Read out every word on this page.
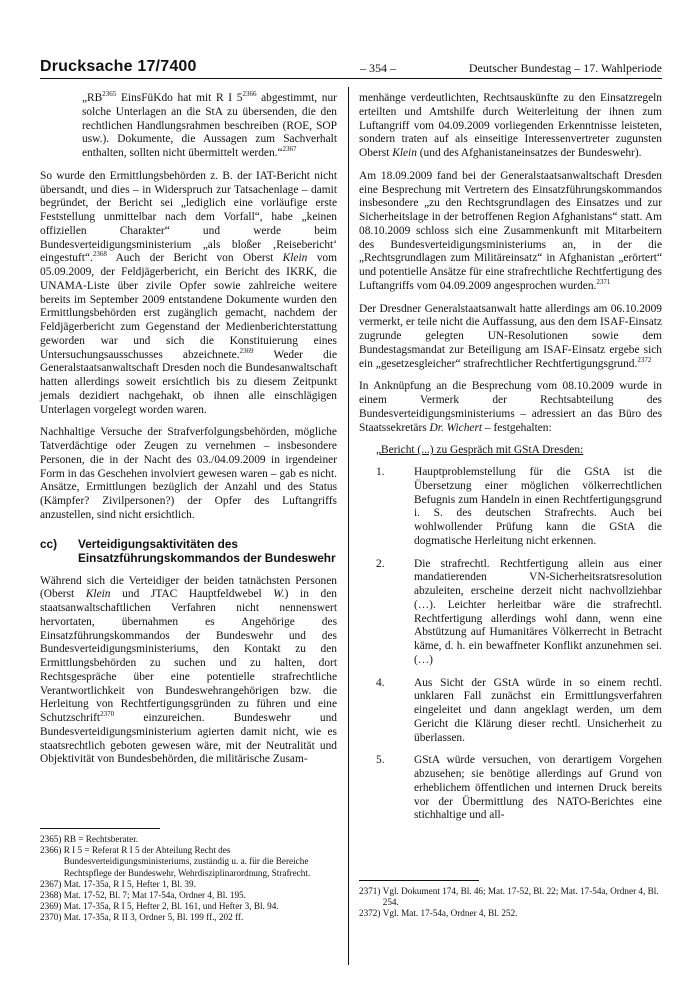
Drucksache 17/7400	– 354 –	Deutscher Bundestag – 17. Wahlperiode

$„RB^{2365}$ EinsFüKdo hat mit R I $5^{2366}$ abgestimmt, nur solche Unterlagen an die StA zu übersenden, die den rechtlichen Handlungsrahmen beschreiben (ROE, SOP usw.). Dokumente, die Aussagen zum Sachverhalt enthalten, sollten nicht übermittelt werden.“$^{2367}$

So wurde den Ermittlungsbehörden z. B. der IAT-Bericht nicht übersandt, und dies – in Widerspruch zur Tatsachenlage – damit begründet, der Bericht sei „lediglich eine vorläufige erste Feststellung unmittelbar nach dem Vorfall“, habe „keinen offiziellen Charakter“ und werde beim Bundesverteidigungsministerium „als bloßer ‚Reisebericht‘ eingestuft“.$^{2368}$ Auch der Bericht von Oberst Klein vom 05.09.2009, der Feldjägerbericht, ein Bericht des IKRK, die UNAMA-Liste über zivile Opfer sowie zahlreiche weitere bereits im September 2009 entstandene Dokumente wurden den Ermittlungsbehörden erst zugänglich gemacht, nachdem der Feldjägerbericht zum Gegenstand der Medienberichterstattung geworden war und sich die Konstituierung eines Untersuchungsausschusses abzeichnete.$^{2369}$ Weder die Generalstaatsanwaltschaft Dresden noch die Bundesanwaltschaft hatten allerdings soweit ersichtlich bis zu diesem Zeitpunkt jemals dezidiert nachgehakt, ob ihnen alle einschlägigen Unterlagen vorgelegt worden waren.

Nachhaltige Versuche der Strafverfolgungsbehörden, mögliche Tatverdächtige oder Zeugen zu vernehmen – insbesondere Personen, die in der Nacht des 03./04.09.2009 in irgendeiner Form in das Geschehen involviert gewesen waren – gab es nicht. Ansätze, Ermittlungen bezüglich der Anzahl und des Status (Kämpfer? Zivilpersonen?) der Opfer des Luftangriffs anzustellen, sind nicht ersichtlich.

cc)	Verteidigungsaktivitäten des Einsatzführungskommandos der Bundeswehr

Während sich die Verteidiger der beiden tatnächsten Personen (Oberst Klein und JTAC Hauptfeldwebel W.) in den staatsanwaltschaftlichen Verfahren nicht nennenswert hervortaten, übernahmen es Angehörige des Einsatzführungskommandos der Bundeswehr und des Bundesverteidigungsministeriums, den Kontakt zu den Ermittlungsbehörden zu suchen und zu halten, dort Rechtsgespräche über eine potentielle strafrechtliche Verantwortlichkeit von Bundeswehrangehörigen bzw. die Herleitung von Rechtfertigungsgründen zu führen und eine Schutzschrift$^{2370}$ einzureichen. Bundeswehr und Bundesverteidigungsministerium agierten damit nicht, wie es staatsrechtlich geboten gewesen wäre, mit der Neutralität und Objektivität von Bundesbehörden, die militärische Zusam-

2365)
RB = Rechtsberater.
2366)
R I 5 = Referat R I 5 der Abteilung Recht des Bundesverteidigungsministeriums, zuständig u. a. für die Bereiche Rechtspflege der Bundeswehr, Wehrdisziplinarordnung, Strafrecht.
2367)
Mat. 17-35a, R I 5, Hefter 1, Bl. 39.
2368)
Mat. 17-52, Bl. 7; Mat 17-54a, Ordner 4, Bl. 195.
2369)
Mat. 17-35a, R I 5, Hefter 2, Bl. 161, und Hefter 3, Bl. 94.
2370)
Mat. 17-35a, R II 3, Ordner 5, Bl. 199 ff., 202 ff.

menhänge verdeutlichten, Rechtsauskünfte zu den Einsatzregeln erteilten und Amtshilfe durch Weiterleitung der ihnen zum Luftangriff vom 04.09.2009 vorliegenden Erkenntnisse leisteten, sondern traten auf als einseitige Interessenvertreter zugunsten Oberst Klein (und des Afghanistaneinsatzes der Bundeswehr).

Am 18.09.2009 fand bei der Generalstaatsanwaltschaft Dresden eine Besprechung mit Vertretern des Einsatzführungskommandos insbesondere „zu den Rechtsgrundlagen des Einsatzes und zur Sicherheitslage in der betroffenen Region Afghanistans“ statt. Am 08.10.2009 schloss sich eine Zusammenkunft mit Mitarbeitern des Bundesverteidigungsministeriums an, in der die „Rechtsgrundlagen zum Militäreinsatz“ in Afghanistan „erörtert“ und potentielle Ansätze für eine strafrechtliche Rechtfertigung des Luftangriffs vom 04.09.2009 angesprochen wurden.$^{2371}$

Der Dresdner Generalstaatsanwalt hatte allerdings am 06.10.2009 vermerkt, er teile nicht die Auffassung, aus den dem ISAF-Einsatz zugrunde gelegten UN-Resolutionen sowie dem Bundestagsmandat zur Beteiligung am ISAF-Einsatz ergebe sich ein „gesetzesgleicher“ strafrechtlicher Rechtfertigungsgrund.$^{2372}$

In Anknüpfung an die Besprechung vom 08.10.2009 wurde in einem Vermerk der Rechtsabteilung des Bundesverteidigungsministeriums – adressiert an das Büro des Staatssekretärs Dr. Wichert – festgehalten:

„Bericht (...) zu Gespräch mit GStA Dresden:

1.	Hauptproblemstellung für die GStA ist die Übersetzung einer möglichen völkerrechtlichen Befugnis zum Handeln in einen Rechtfertigungsgrund i. S. des deutschen Strafrechts. Auch bei wohlwollender Prüfung kann die GStA die dogmatische Herleitung nicht erkennen.
2.	Die strafrechtl. Rechtfertigung allein aus einer mandatierenden VN-Sicherheitsratsresolution abzuleiten, erscheine derzeit nicht nachvollziehbar (…). Leichter herleitbar wäre die strafrechtl. Rechtfertigung allerdings wohl dann, wenn eine Abstützung auf Humanitäres Völkerrecht in Betracht käme, d. h. ein bewaffneter Konflikt anzunehmen sei. (…)
4.	Aus Sicht der GStA würde in so einem rechtl. unklaren Fall zunächst ein Ermittlungsverfahren eingeleitet und dann angeklagt werden, um dem Gericht die Klärung dieser rechtl. Unsicherheit zu überlassen.
5.	GStA würde versuchen, von derartigem Vorgehen abzusehen; sie benötige allerdings auf Grund von erheblichem öffentlichen und internen Druck bereits vor der Übermittlung des NATO-Berichtes eine stichhaltige und all-
2371)
Vgl. Dokument 174, Bl. 46; Mat. 17-52, Bl. 22; Mat. 17-54a, Ordner 4, Bl. 254.
2372)
Vgl. Mat. 17-54a, Ordner 4, Bl. 252.
